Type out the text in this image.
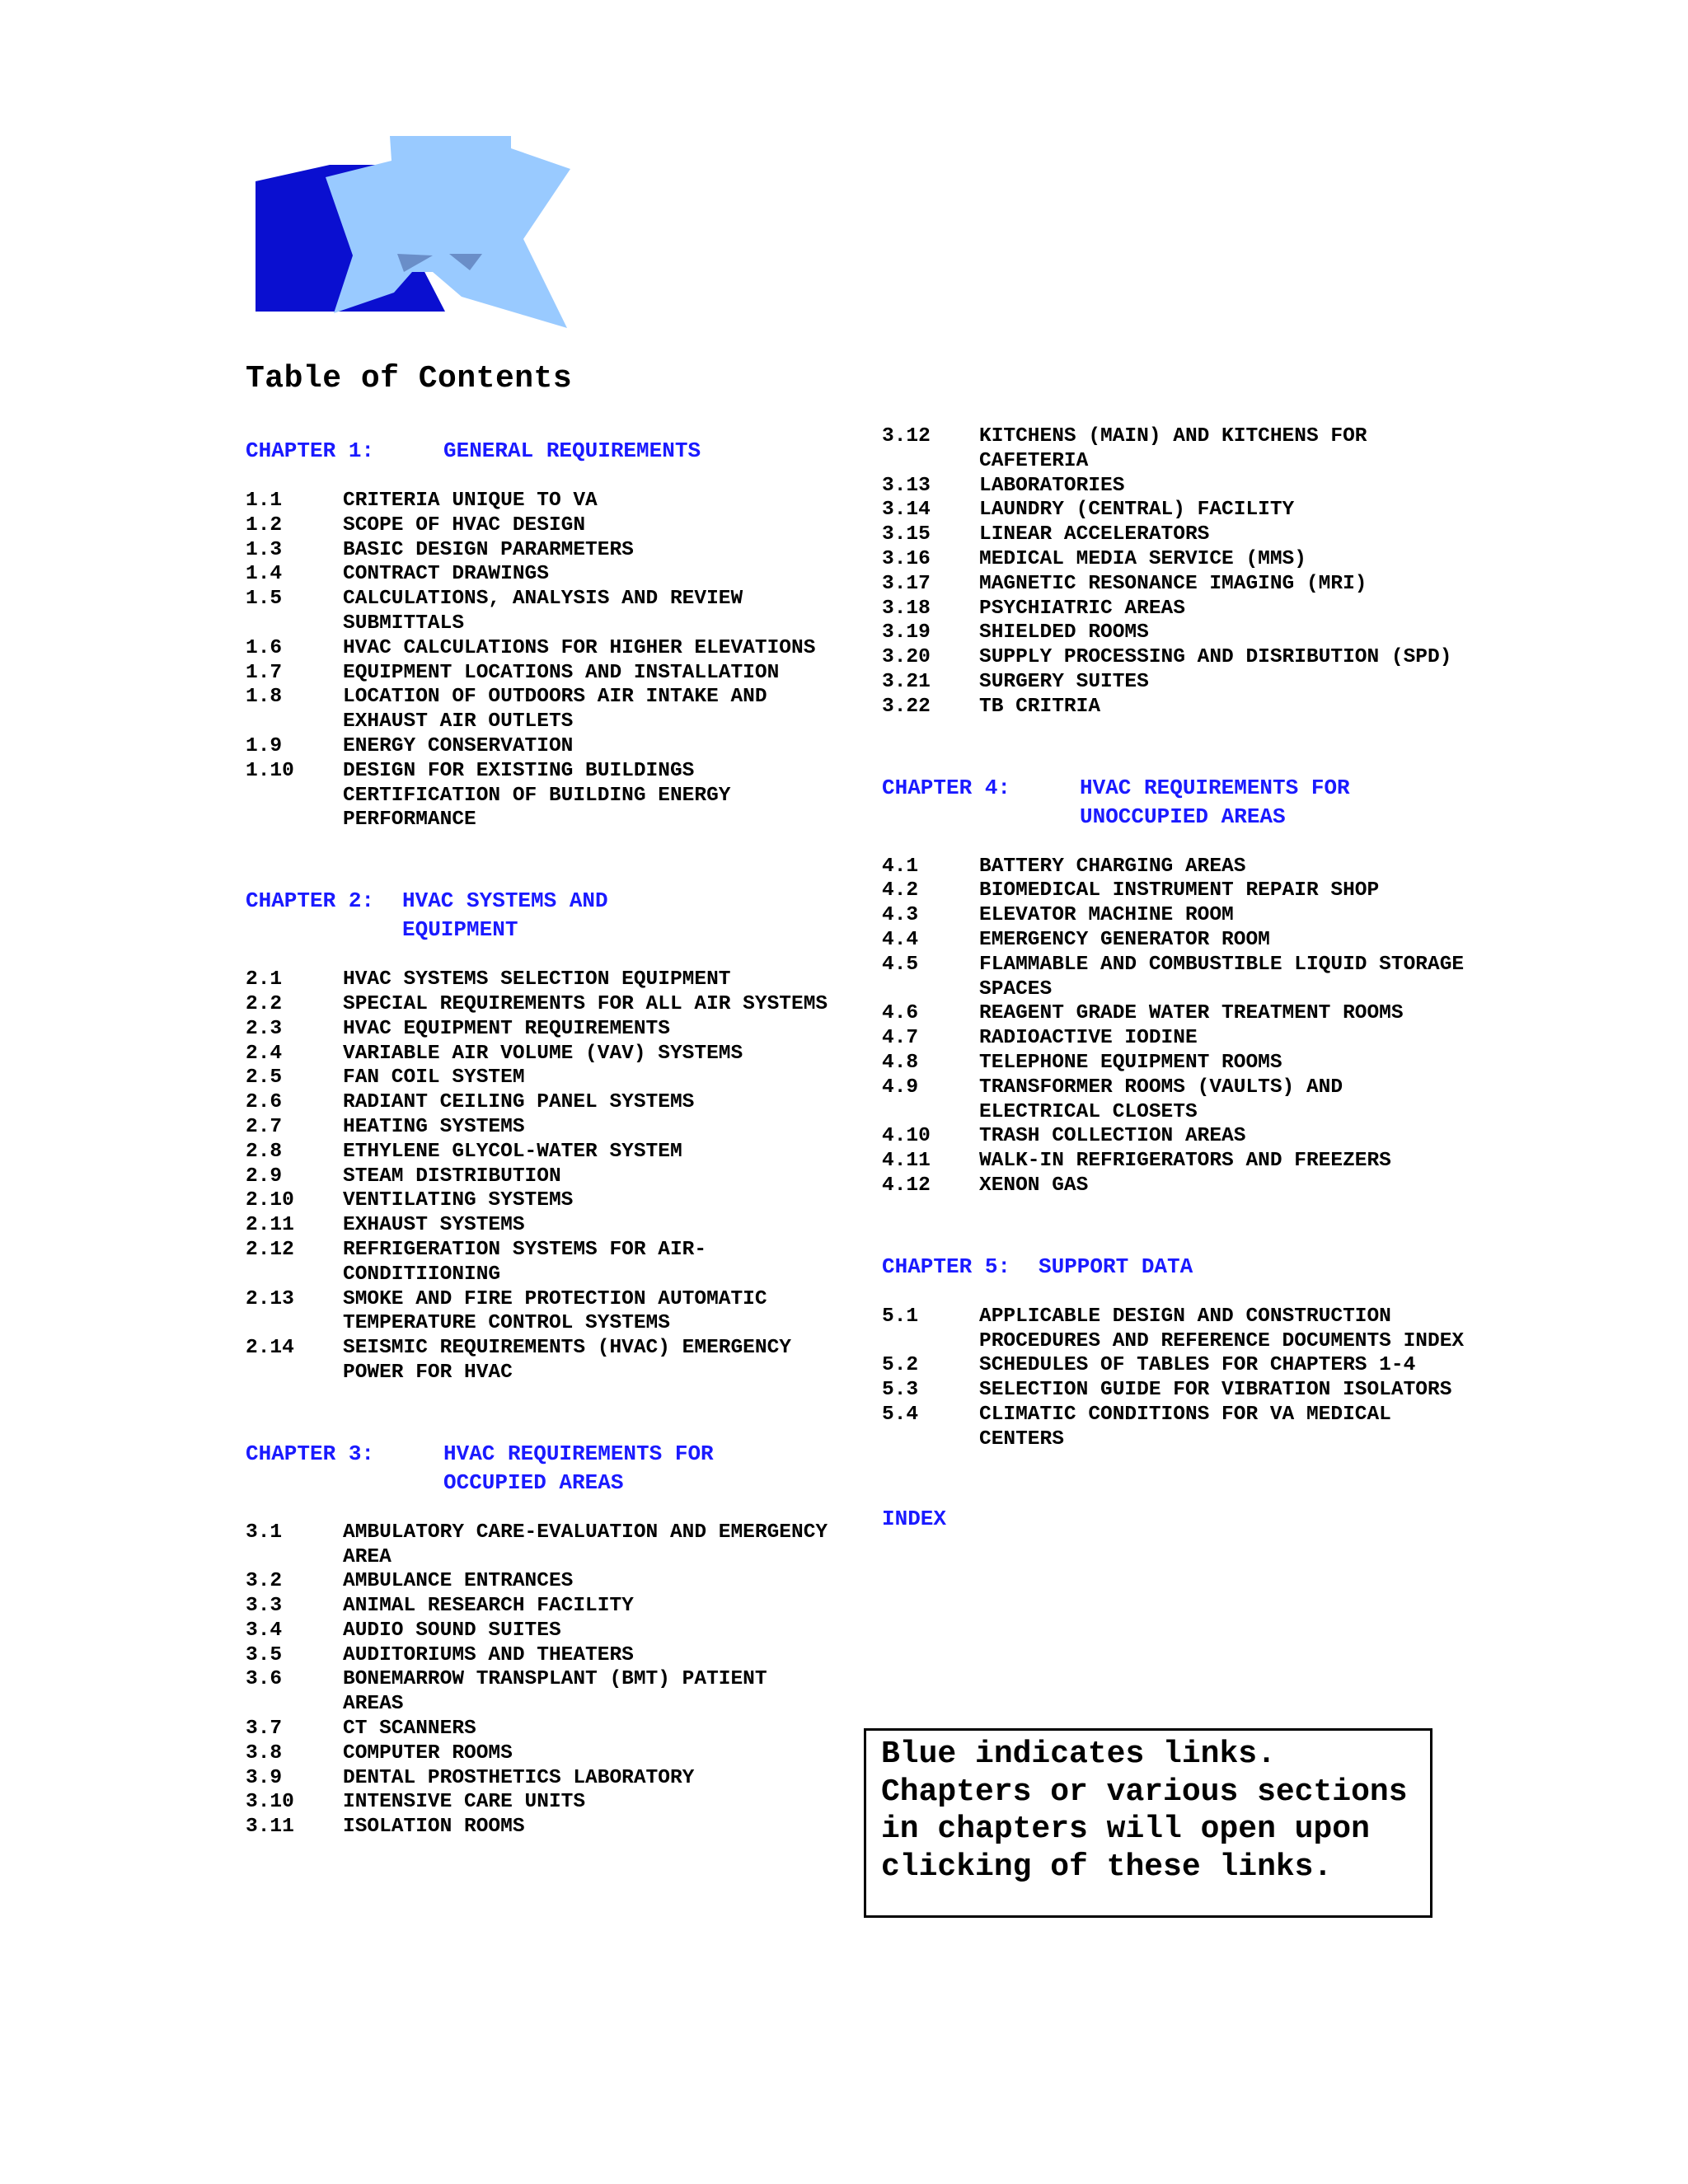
Table of Contents
CHAPTER 1:	GENERAL REQUIREMENTS
1.1	CRITERIA UNIQUE TO VA
1.2	SCOPE OF HVAC DESIGN
1.3	BASIC DESIGN PARARMETERS
1.4	CONTRACT DRAWINGS
1.5	CALCULATIONS, ANALYSIS AND REVIEW SUBMITTALS
1.6	HVAC CALCULATIONS FOR HIGHER ELEVATIONS
1.7	EQUIPMENT LOCATIONS AND INSTALLATION
1.8	LOCATION OF OUTDOORS AIR INTAKE AND EXHAUST AIR OUTLETS
1.9	ENERGY CONSERVATION
1.10	DESIGN FOR EXISTING BUILDINGS CERTIFICATION OF BUILDING ENERGY PERFORMANCE
CHAPTER 2:	HVAC SYSTEMS AND EQUIPMENT
2.1	HVAC SYSTEMS SELECTION EQUIPMENT
2.2	SPECIAL REQUIREMENTS FOR ALL AIR SYSTEMS
2.3	HVAC EQUIPMENT REQUIREMENTS
2.4	VARIABLE AIR VOLUME (VAV) SYSTEMS
2.5	FAN COIL SYSTEM
2.6	RADIANT CEILING PANEL SYSTEMS
2.7	HEATING SYSTEMS
2.8	ETHYLENE GLYCOL-WATER SYSTEM
2.9	STEAM DISTRIBUTION
2.10	VENTILATING SYSTEMS
2.11	EXHAUST SYSTEMS
2.12	REFRIGERATION SYSTEMS FOR AIR-CONDITIIONING
2.13	SMOKE AND FIRE PROTECTION AUTOMATIC TEMPERATURE CONTROL SYSTEMS
2.14	SEISMIC REQUIREMENTS (HVAC) EMERGENCY POWER FOR HVAC
CHAPTER 3:	HVAC REQUIREMENTS FOR OCCUPIED AREAS
3.1	AMBULATORY CARE-EVALUATION AND EMERGENCY AREA
3.2	AMBULANCE ENTRANCES
3.3	ANIMAL RESEARCH FACILITY
3.4	AUDIO SOUND SUITES
3.5	AUDITORIUMS AND THEATERS
3.6	BONEMARROW TRANSPLANT (BMT) PATIENT AREAS
3.7	CT SCANNERS
3.8	COMPUTER ROOMS
3.9	DENTAL PROSTHETICS LABORATORY
3.10	INTENSIVE CARE UNITS
3.11	ISOLATION ROOMS
3.12	KITCHENS (MAIN) AND KITCHENS FOR CAFETERIA
3.13	LABORATORIES
3.14	LAUNDRY (CENTRAL) FACILITY
3.15	LINEAR ACCELERATORS
3.16	MEDICAL MEDIA SERVICE (MMS)
3.17	MAGNETIC RESONANCE IMAGING (MRI)
3.18	PSYCHIATRIC AREAS
3.19	SHIELDED ROOMS
3.20	SUPPLY PROCESSING AND DISRIBUTION (SPD)
3.21	SURGERY SUITES
3.22	TB CRITRIA
CHAPTER 4:	HVAC REQUIREMENTS FOR UNOCCUPIED AREAS
4.1	BATTERY CHARGING AREAS
4.2	BIOMEDICAL INSTRUMENT REPAIR SHOP
4.3	ELEVATOR MACHINE ROOM
4.4	EMERGENCY GENERATOR ROOM
4.5	FLAMMABLE AND COMBUSTIBLE LIQUID STORAGE SPACES
4.6	REAGENT GRADE WATER TREATMENT ROOMS
4.7	RADIOACTIVE IODINE
4.8	TELEPHONE EQUIPMENT ROOMS
4.9	TRANSFORMER ROOMS (VAULTS) AND ELECTRICAL CLOSETS
4.10	TRASH COLLECTION AREAS
4.11	WALK-IN REFRIGERATORS AND FREEZERS
4.12	XENON GAS
CHAPTER 5:	SUPPORT DATA
5.1	APPLICABLE DESIGN AND CONSTRUCTION PROCEDURES AND REFERENCE DOCUMENTS INDEX
5.2	SCHEDULES OF TABLES FOR CHAPTERS 1-4
5.3	SELECTION GUIDE FOR VIBRATION ISOLATORS
5.4	CLIMATIC CONDITIONS FOR VA MEDICAL CENTERS
INDEX
Blue indicates links. Chapters or various sections in chapters will open upon clicking of these links.
